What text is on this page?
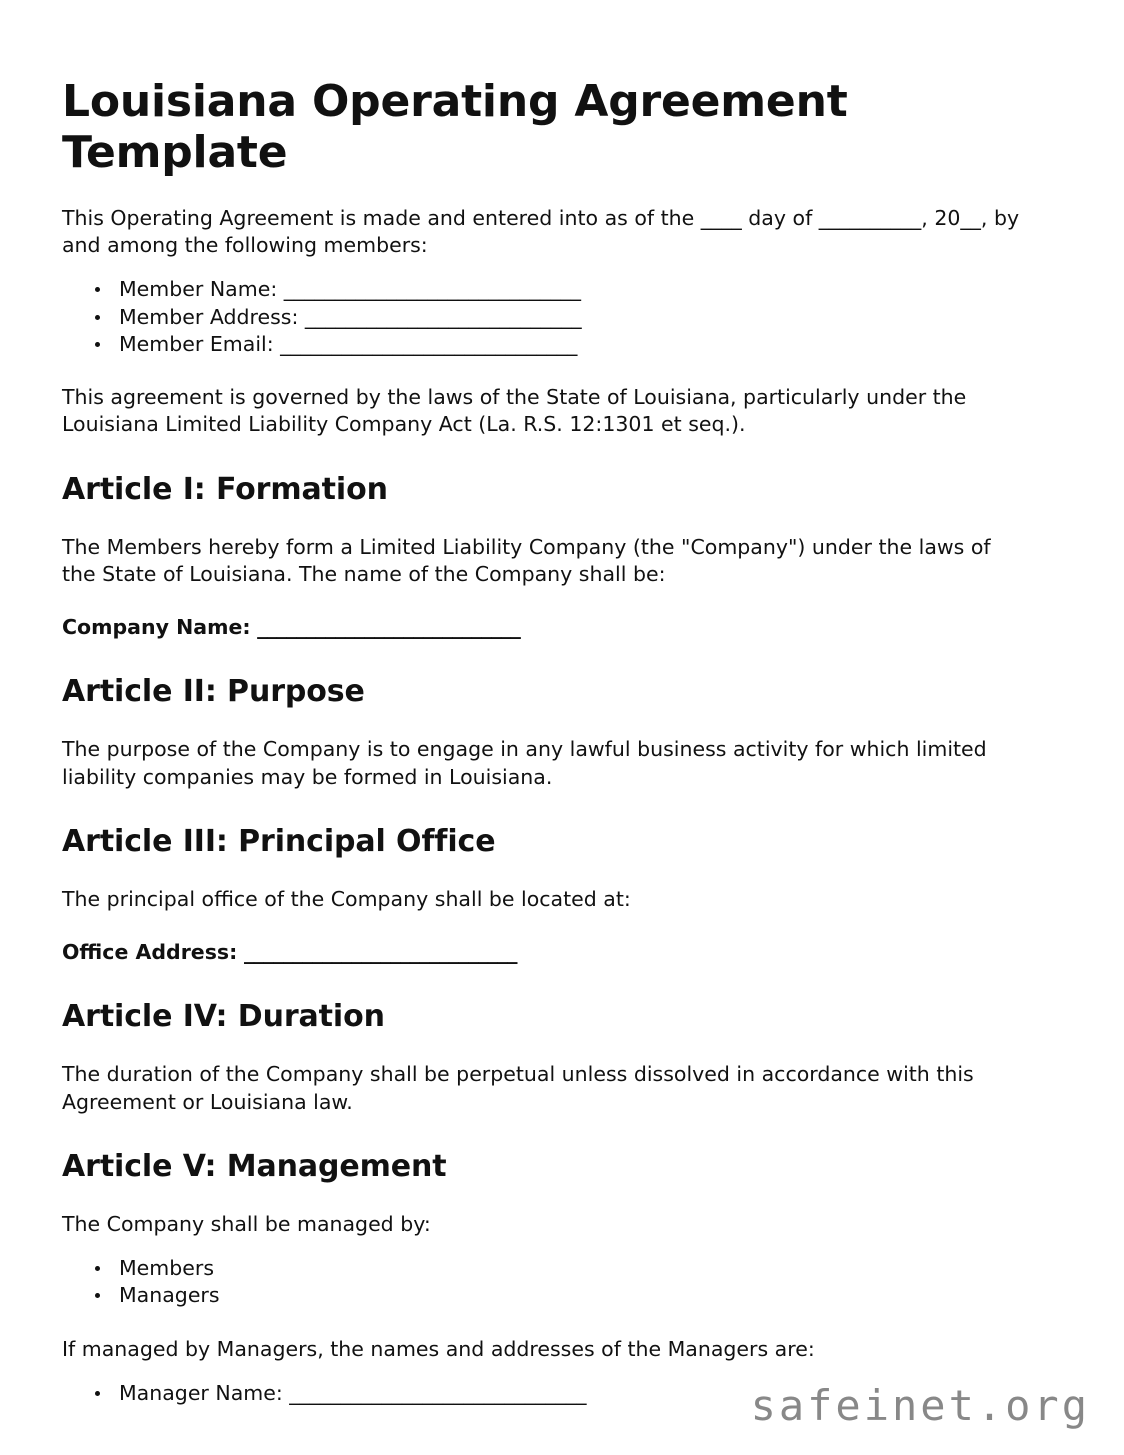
Louisiana Operating Agreement Template

This Operating Agreement is made and entered into as of the ____ day of __________, 20__, by and among the following members:

Member Name: _____________________________
Member Address: ___________________________
Member Email: _____________________________

This agreement is governed by the laws of the State of Louisiana, particularly under the Louisiana Limited Liability Company Act (La. R.S. 12:1301 et seq.).

Article I: Formation

The Members hereby form a Limited Liability Company (the "Company") under the laws of the State of Louisiana. The name of the Company shall be:

Company Name: ___________________________

Article II: Purpose

The purpose of the Company is to engage in any lawful business activity for which limited liability companies may be formed in Louisiana.

Article III: Principal Office

The principal office of the Company shall be located at:

Office Address: ____________________________

Article IV: Duration

The duration of the Company shall be perpetual unless dissolved in accordance with this Agreement or Louisiana law.

Article V: Management

The Company shall be managed by:

Members
Managers

If managed by Managers, the names and addresses of the Managers are:

Manager Name: _____________________________	safeinet.org
